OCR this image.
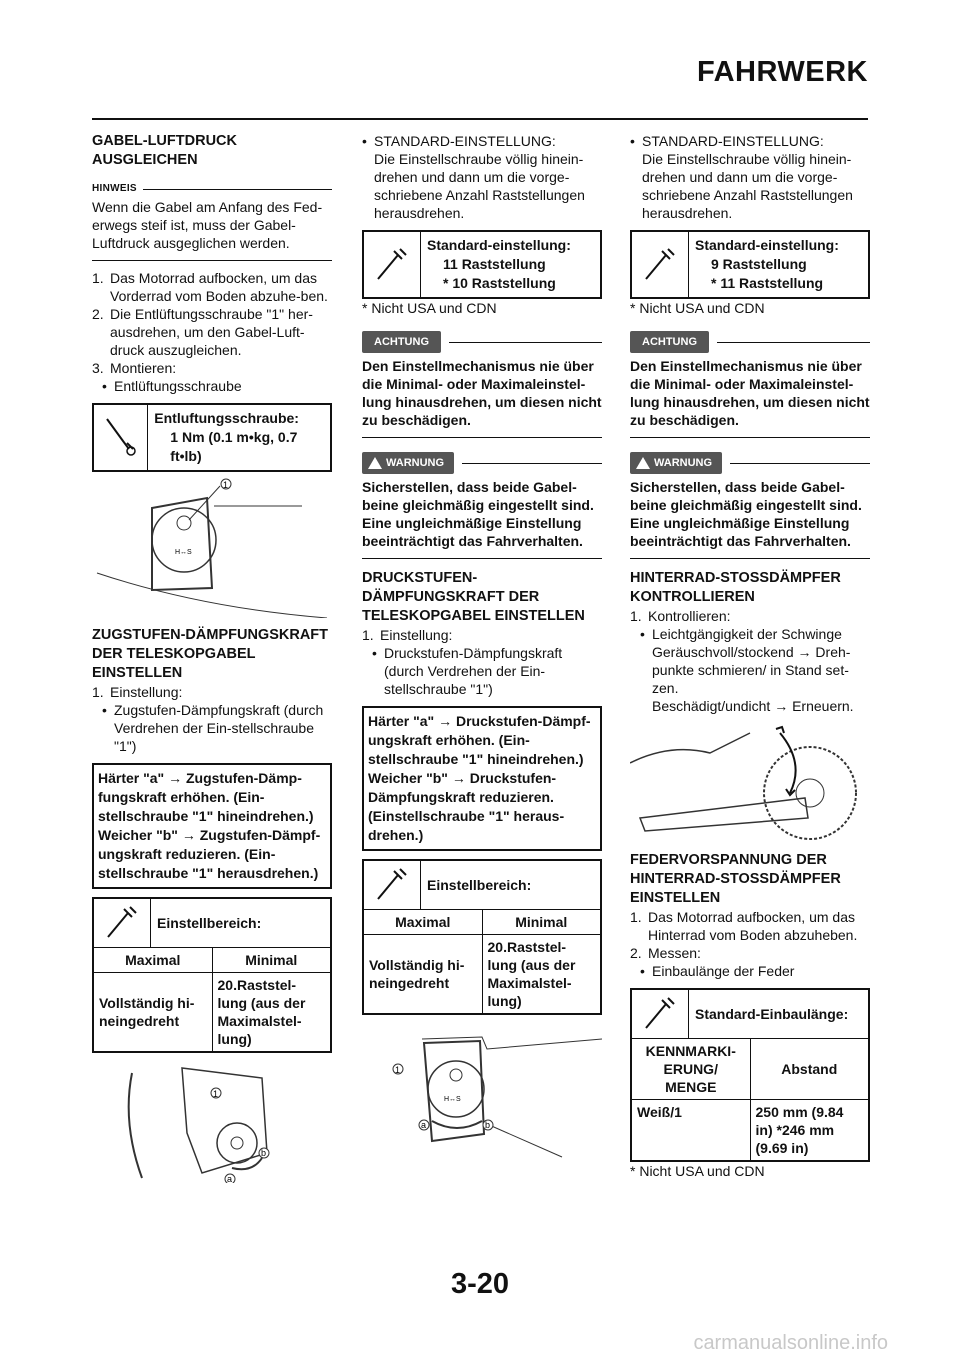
FAHRWERK

GABEL-LUFTDRUCK AUSGLEICHEN

HINWEIS

Wenn die Gabel am Anfang des Fed-erwegs steif ist, muss der Gabel-Luftdruck ausgeglichen werden.

1. Das Motorrad aufbocken, um das Vorderrad vom Boden abzuhe-ben.
2. Die Entlüftungsschraube "1" her-ausdrehen, um den Gabel-Luft-druck auszugleichen.
3. Montieren:
• Entlüftungsschraube
Entluftungsschraube:
1 Nm (0.1 m•kg, 0.7 ft•lb)
1
H↔S

ZUGSTUFEN-DÄMPFUNGSKRAFT DER TELESKOPGABEL EINSTELLEN

1. Einstellung:
• Zugstufen-Dämpfungskraft (durch Verdrehen der Ein-stellschraube "1")
Härter "a" → Zugstufen-Dämp-fungskraft erhöhen. (Ein-stellschraube "1" hineindrehen.)
Weicher "b" → Zugstufen-Dämpf-ungskraft reduzieren. (Ein-stellschraube "1" herausdrehen.)
Einstellbereich:
Maximal	Minimal
Vollständig hi-neingedreht	20.Raststel-lung (aus der Maximalstel-lung)
1
a
b
• STANDARD-EINSTELLUNG:

Die Einstellschraube völlig hinein-drehen und dann um die vorge-schriebene Anzahl Raststellungen herausdrehen.

Standard-einstellung:
11 Raststellung
* 10 Raststellung

* Nicht USA und CDN

ACHTUNG

Den Einstellmechanismus nie über die Minimal- oder Maximaleinstel-lung hinausdrehen, um diesen nicht zu beschädigen.

WARNUNG

Sicherstellen, dass beide Gabel-beine gleichmäßig eingestellt sind. Eine ungleichmäßige Einstellung beeinträchtigt das Fahrverhalten.

DRUCKSTUFEN-DÄMPFUNGSKRAFT DER TELESKOPGABEL EINSTELLEN

1. Einstellung:
• Druckstufen-Dämpfungskraft (durch Verdrehen der Ein-stellschraube "1")
Härter "a" → Druckstufen-Dämpf-ungskraft erhöhen. (Ein-stellschraube "1" hineindrehen.)
Weicher "b" → Druckstufen-Dämpfungskraft reduzieren. (Einstellschraube "1" heraus-drehen.)
Einstellbereich:
Maximal	Minimal
Vollständig hi-neingedreht	20.Raststel-lung (aus der Maximalstel-lung)
1
a	b
H↔S
• STANDARD-EINSTELLUNG:

Die Einstellschraube völlig hinein-drehen und dann um die vorge-schriebene Anzahl Raststellungen herausdrehen.

Standard-einstellung:
9 Raststellung
* 11 Raststellung

* Nicht USA und CDN

ACHTUNG

Den Einstellmechanismus nie über die Minimal- oder Maximaleinstel-lung hinausdrehen, um diesen nicht zu beschädigen.

WARNUNG

Sicherstellen, dass beide Gabel-beine gleichmäßig eingestellt sind. Eine ungleichmäßige Einstellung beeinträchtigt das Fahrverhalten.

HINTERRAD-STOSSDÄMPFER KONTROLLIEREN

1. Kontrollieren:
• Leichtgängigkeit der Schwinge

Geräuschvoll/stockend → Dreh-punkte schmieren/ in Stand set-zen.

Beschädigt/undicht → Erneuern.

FEDERVORSPANNUNG DER HINTERRAD-STOSSDÄMPFER EINSTELLEN

1. Das Motorrad aufbocken, um das Hinterrad vom Boden abzuheben.
2. Messen:
• Einbaulänge der Feder
Standard-Einbaulänge:
KENNMARKI-ERUNG/ MENGE	Abstand
Weiß/1	250 mm (9.84 in) *246 mm (9.69 in)

* Nicht USA und CDN

3-20
carmanualsonline.info
